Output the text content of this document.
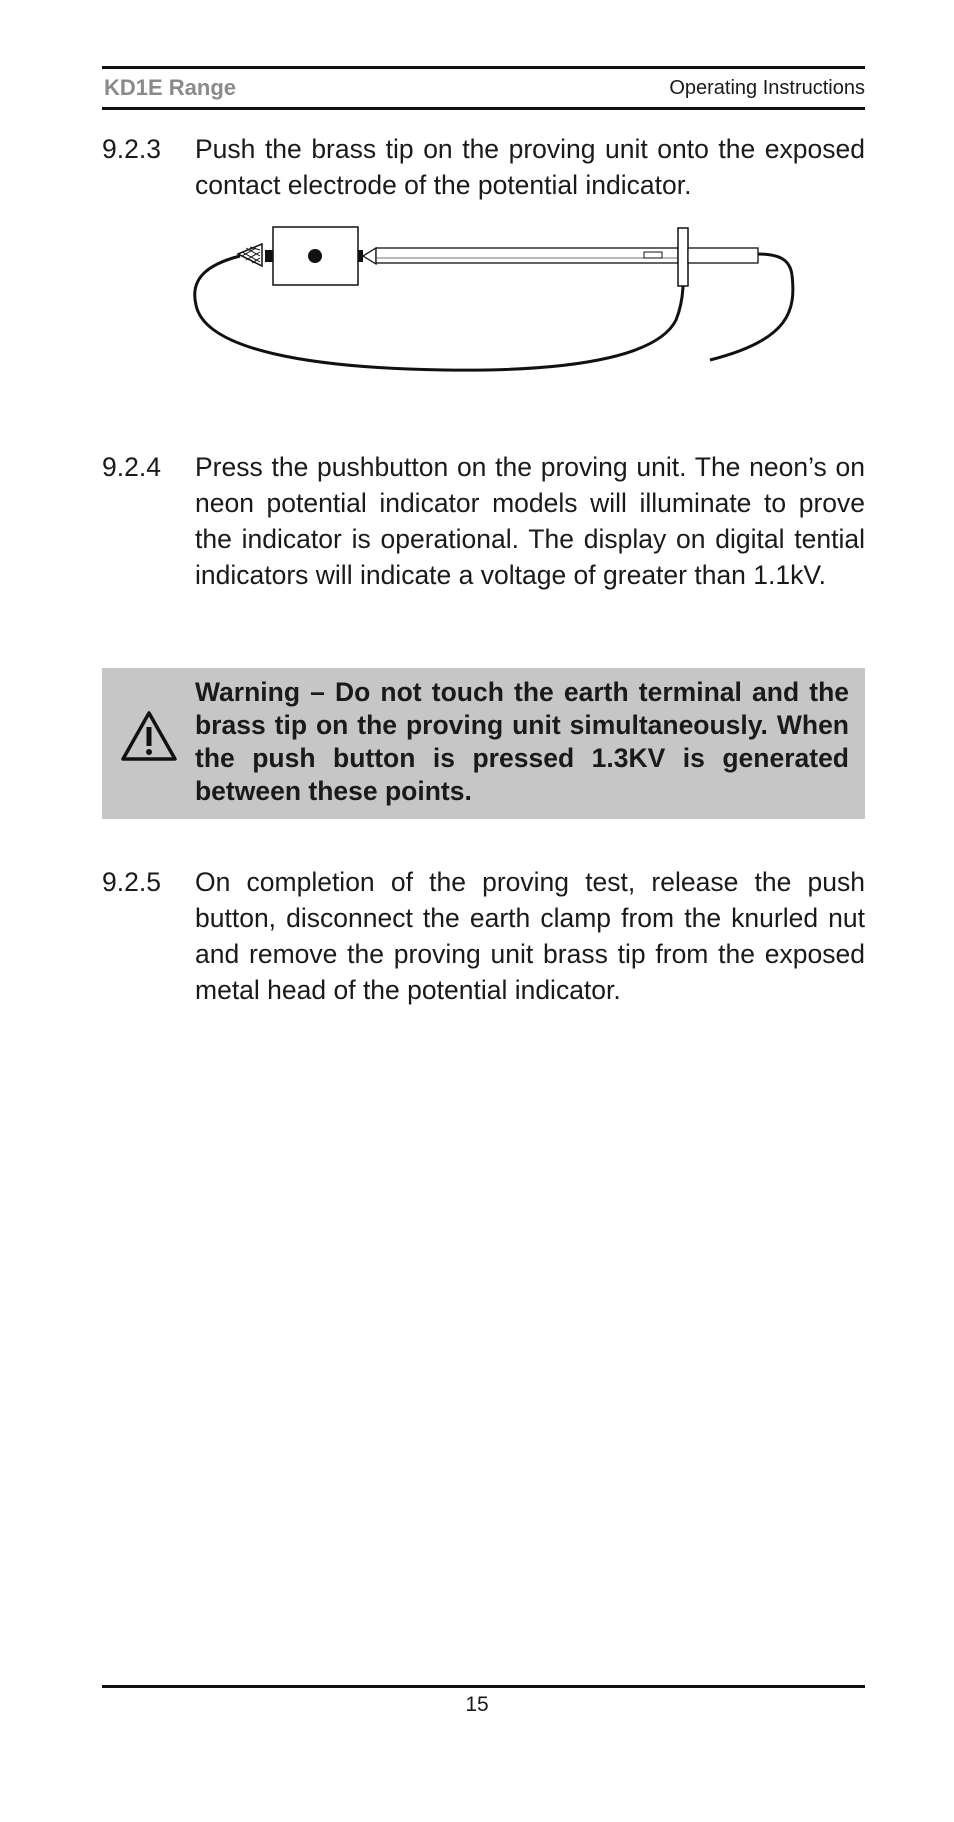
KD1E Range	Operating Instructions
9.2.3 Push the brass tip on the proving unit onto the exposed contact electrode of the potential indicator.
9.2.4 Press the pushbutton on the proving unit. The neon’s on neon potential indicator models will illuminate to prove the indicator is operational. The display on digital tential indicators will indicate a voltage of greater than 1.1kV.
Warning – Do not touch the earth terminal and the brass tip on the proving unit simultaneously. When the push button is pressed 1.3KV is generated between these points.
9.2.5 On completion of the proving test, release the push button, disconnect the earth clamp from the knurled nut and remove the proving unit brass tip from the exposed metal head of the potential indicator.
15
